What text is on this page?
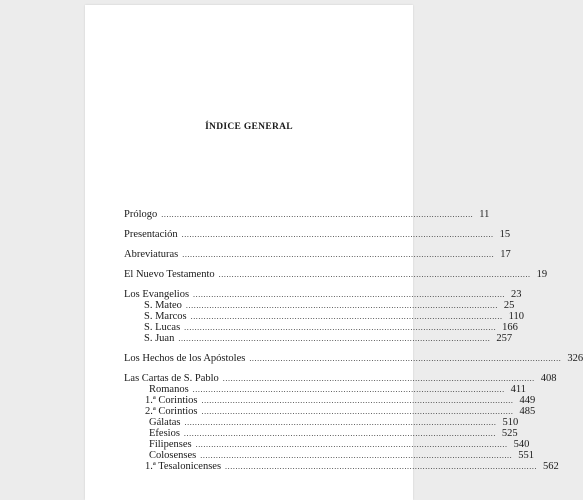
ÍNDICE GENERAL
Prólogo ........................................................................................................................ 11
Presentación ........................................................................................................................ 15
Abreviaturas ........................................................................................................................ 17
El Nuevo Testamento ........................................................................................................................ 19
Los Evangelios ........................................................................................................................ 23
S. Mateo ........................................................................................................................ 25
S. Marcos ........................................................................................................................ 110
S. Lucas ........................................................................................................................ 166
S. Juan ........................................................................................................................ 257
Los Hechos de los Apóstoles ........................................................................................................................ 326
Las Cartas de S. Pablo ........................................................................................................................ 408
Romanos ........................................................................................................................ 411
1.ª Corintios ........................................................................................................................ 449
2.ª Corintios ........................................................................................................................ 485
Gálatas ........................................................................................................................ 510
Efesios ........................................................................................................................ 525
Filipenses ........................................................................................................................ 540
Colosenses ........................................................................................................................ 551
1.ª Tesalonicenses ........................................................................................................................ 562
